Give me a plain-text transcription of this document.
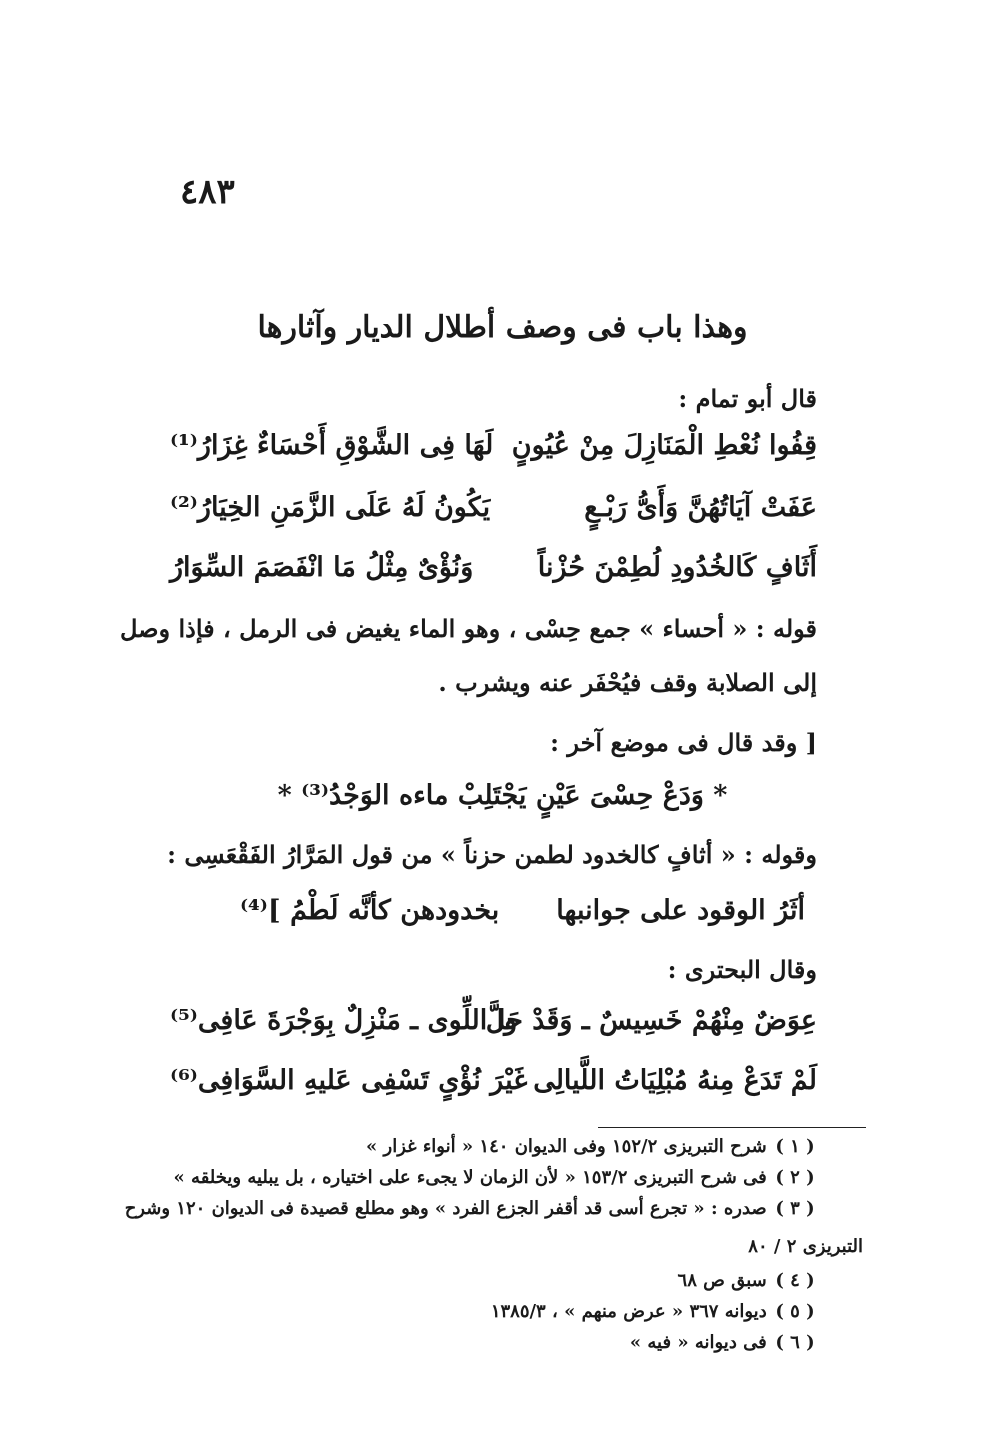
٤٨٣
وهذا باب فى وصف أطلال الديار وآثارها
قال أبو تمام :
قِفُوا نُعْطِ الْمَنَازِلَ مِنْ عُيُونٍ
لَهَا فِى الشَّوْقِ أَحْسَاءٌ غِزَارُ⁽¹⁾
عَفَتْ آيَاتُهُنَّ وَأَىُّ رَبْـعٍ
يَكُونُ لَهُ عَلَى الزَّمَنِ الخِيَارُ⁽²⁾
أَثَافٍ كَالخُدُودِ لُطِمْنَ حُزْناً
وَنُؤْىٌ مِثْلُ مَا انْفَصَمَ السِّوَارُ
قوله : « أحساء » جمع حِسْى ، وهو الماء يغيض فى الرمل ، فإذا وصل
إلى الصلابة وقف فيُحْفَر عنه ويشرب .
[ وقد قال فى موضع آخر :
* وَدَعْ حِسْىَ عَيْنٍ يَجْتَلِبْ ماءه الوَجْدُ⁽³⁾ *
وقوله : « أثافٍ كالخدود لطمن حزناً » من قول المَرَّارُ الفَقْعَسِى :
أثَرُ الوقود على جوانبها
بخدودهن كأنَّه لَطْمُ ]⁽⁴⁾
وقال البحترى :
عِوَضٌ مِنْهُمْ خَسِيسٌ ـ وَقَدْ حَلَّ
وا اللِّوى ـ مَنْزِلٌ بِوَجْرَةَ عَافِى⁽⁵⁾
لَمْ تَدَعْ مِنهُ مُبْلِيَاتُ اللَّيالِى
غَيْرَ نُؤْىٍ تَسْفِى عَليهِ السَّوَافِى⁽⁶⁾
( ١ ) شرح التبريزى ١٥٢/٢ وفى الديوان ١٤٠ « أنواء غزار »
( ٢ ) فى شرح التبريزى ١٥٣/٢ « لأن الزمان لا يجىء على اختياره ، بل يبليه ويخلقه »
( ٣ ) صدره : « تجرع أسى قد أقفر الجزع الفرد » وهو مطلع قصيدة فى الديوان ١٢٠ وشرح
التبريزى ٢ / ٨٠
( ٤ ) سبق ص ٦٨
( ٥ ) ديوانه ٣٦٧ « عرض منهم » ، ١٣٨٥/٣
( ٦ ) فى ديوانه « فيه »
